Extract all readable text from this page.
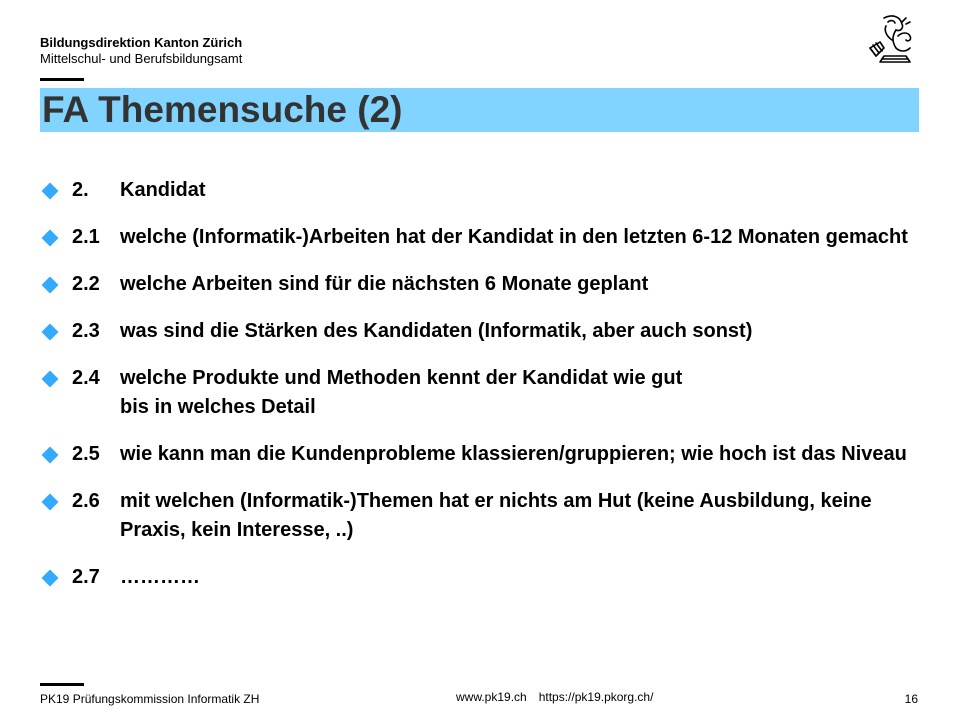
Bildungsdirektion Kanton Zürich
Mittelschul- und Berufsbildungsamt
FA Themensuche (2)
2. Kandidat
2.1 welche (Informatik-)Arbeiten hat der Kandidat in den letzten 6-12 Monaten gemacht
2.2 welche Arbeiten sind für die nächsten 6 Monate geplant
2.3 was sind die Stärken des Kandidaten (Informatik, aber auch sonst)
2.4 welche Produkte und Methoden kennt der Kandidat wie gut
bis in welches Detail
2.5 wie kann man die Kundenprobleme klassieren/gruppieren; wie hoch ist das Niveau
2.6 mit welchen (Informatik-)Themen hat er nichts am Hut (keine Ausbildung, keine Praxis, kein Interesse, ..)
2.7 …………
PK19 Prüfungskommission Informatik ZH	www.pk19.ch https://pk19.pkorg.ch/	16
